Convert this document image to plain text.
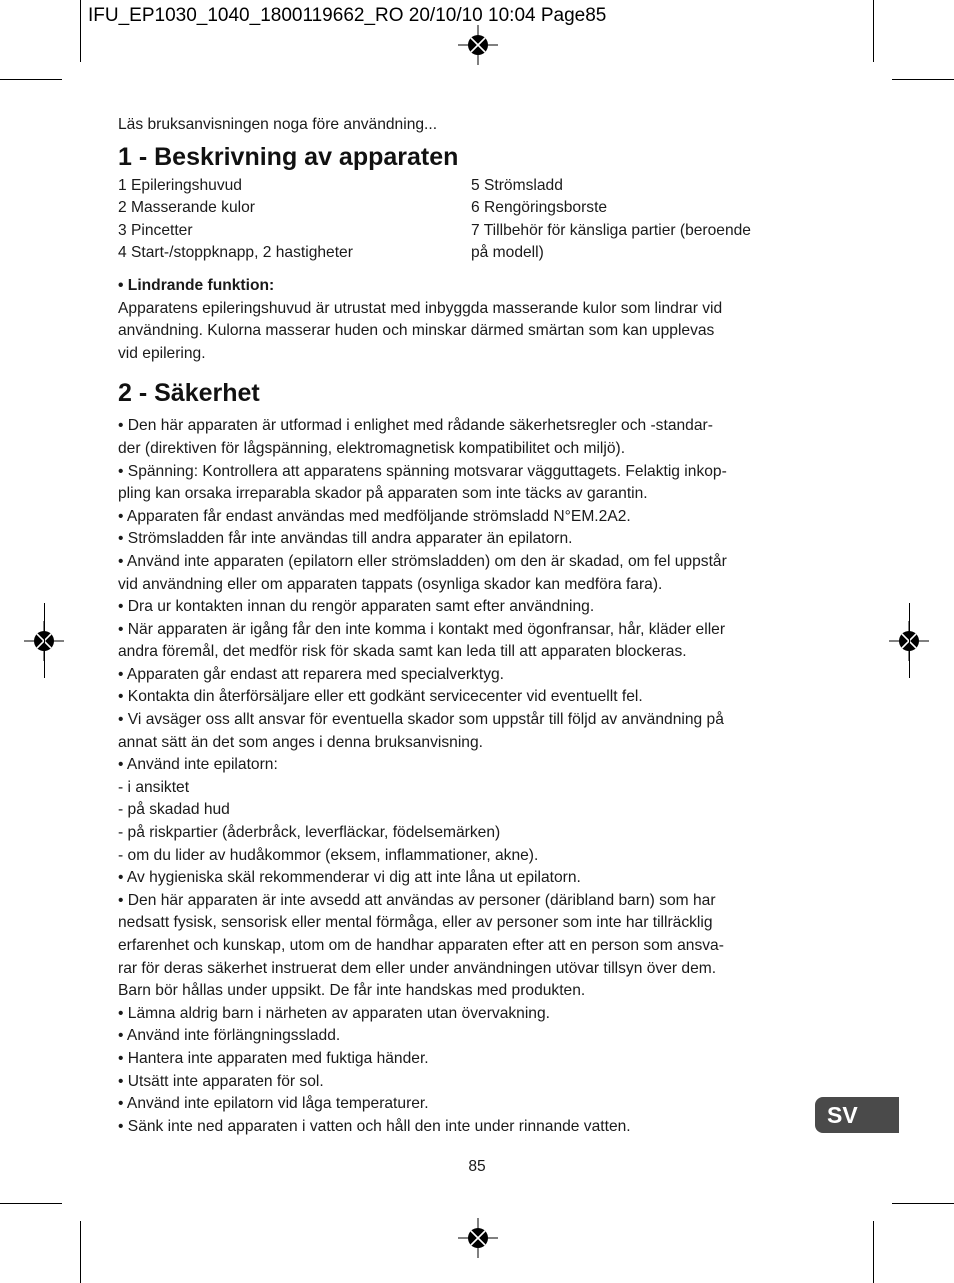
IFU_EP1030_1040_1800119662_RO 20/10/10 10:04 Page85

Läs bruksanvisningen noga före användning...

1 - Beskrivning av apparaten
1 Epileringshuvud
2 Masserande kulor
3 Pincetter
4 Start-/stoppknapp, 2 hastigheter
5 Strömsladd
6 Rengöringsborste
7 Tillbehör för känsliga partier (beroende
på modell)
• Lindrande funktion:
Apparatens epileringshuvud är utrustat med inbyggda masserande kulor som lindrar vid
användning. Kulorna masserar huden och minskar därmed smärtan som kan upplevas
vid epilering.
2 - Säkerhet
• Den här apparaten är utformad i enlighet med rådande säkerhetsregler och -standar-
der (direktiven för lågspänning, elektromagnetisk kompatibilitet och miljö).
• Spänning: Kontrollera att apparatens spänning motsvarar vägguttagets. Felaktig inkop-
pling kan orsaka irreparabla skador på apparaten som inte täcks av garantin.
• Apparaten får endast användas med medföljande strömsladd N°EM.2A2.
• Strömsladden får inte användas till andra apparater än epilatorn.
• Använd inte apparaten (epilatorn eller strömsladden) om den är skadad, om fel uppstår
vid användning eller om apparaten tappats (osynliga skador kan medföra fara).
• Dra ur kontakten innan du rengör apparaten samt efter användning.
• När apparaten är igång får den inte komma i kontakt med ögonfransar, hår, kläder eller
andra föremål, det medför risk för skada samt kan leda till att apparaten blockeras.
• Apparaten går endast att reparera med specialverktyg.
• Kontakta din återförsäljare eller ett godkänt servicecenter vid eventuellt fel.
• Vi avsäger oss allt ansvar för eventuella skador som uppstår till följd av användning på
annat sätt än det som anges i denna bruksanvisning.
• Använd inte epilatorn:
- i ansiktet
- på skadad hud
- på riskpartier (åderbråck, leverfläckar, födelsemärken)
- om du lider av hudåkommor (eksem, inflammationer, akne).
• Av hygieniska skäl rekommenderar vi dig att inte låna ut epilatorn.
• Den här apparaten är inte avsedd att användas av personer (däribland barn) som har
nedsatt fysisk, sensorisk eller mental förmåga, eller av personer som inte har tillräcklig
erfarenhet och kunskap, utom om de handhar apparaten efter att en person som ansva-
rar för deras säkerhet instruerat dem eller under användningen utövar tillsyn över dem.
Barn bör hållas under uppsikt. De får inte handskas med produkten.
• Lämna aldrig barn i närheten av apparaten utan övervakning.
• Använd inte förlängningssladd.
• Hantera inte apparaten med fuktiga händer.
• Utsätt inte apparaten för sol.
• Använd inte epilatorn vid låga temperaturer.
• Sänk inte ned apparaten i vatten och håll den inte under rinnande vatten.	SV
85
